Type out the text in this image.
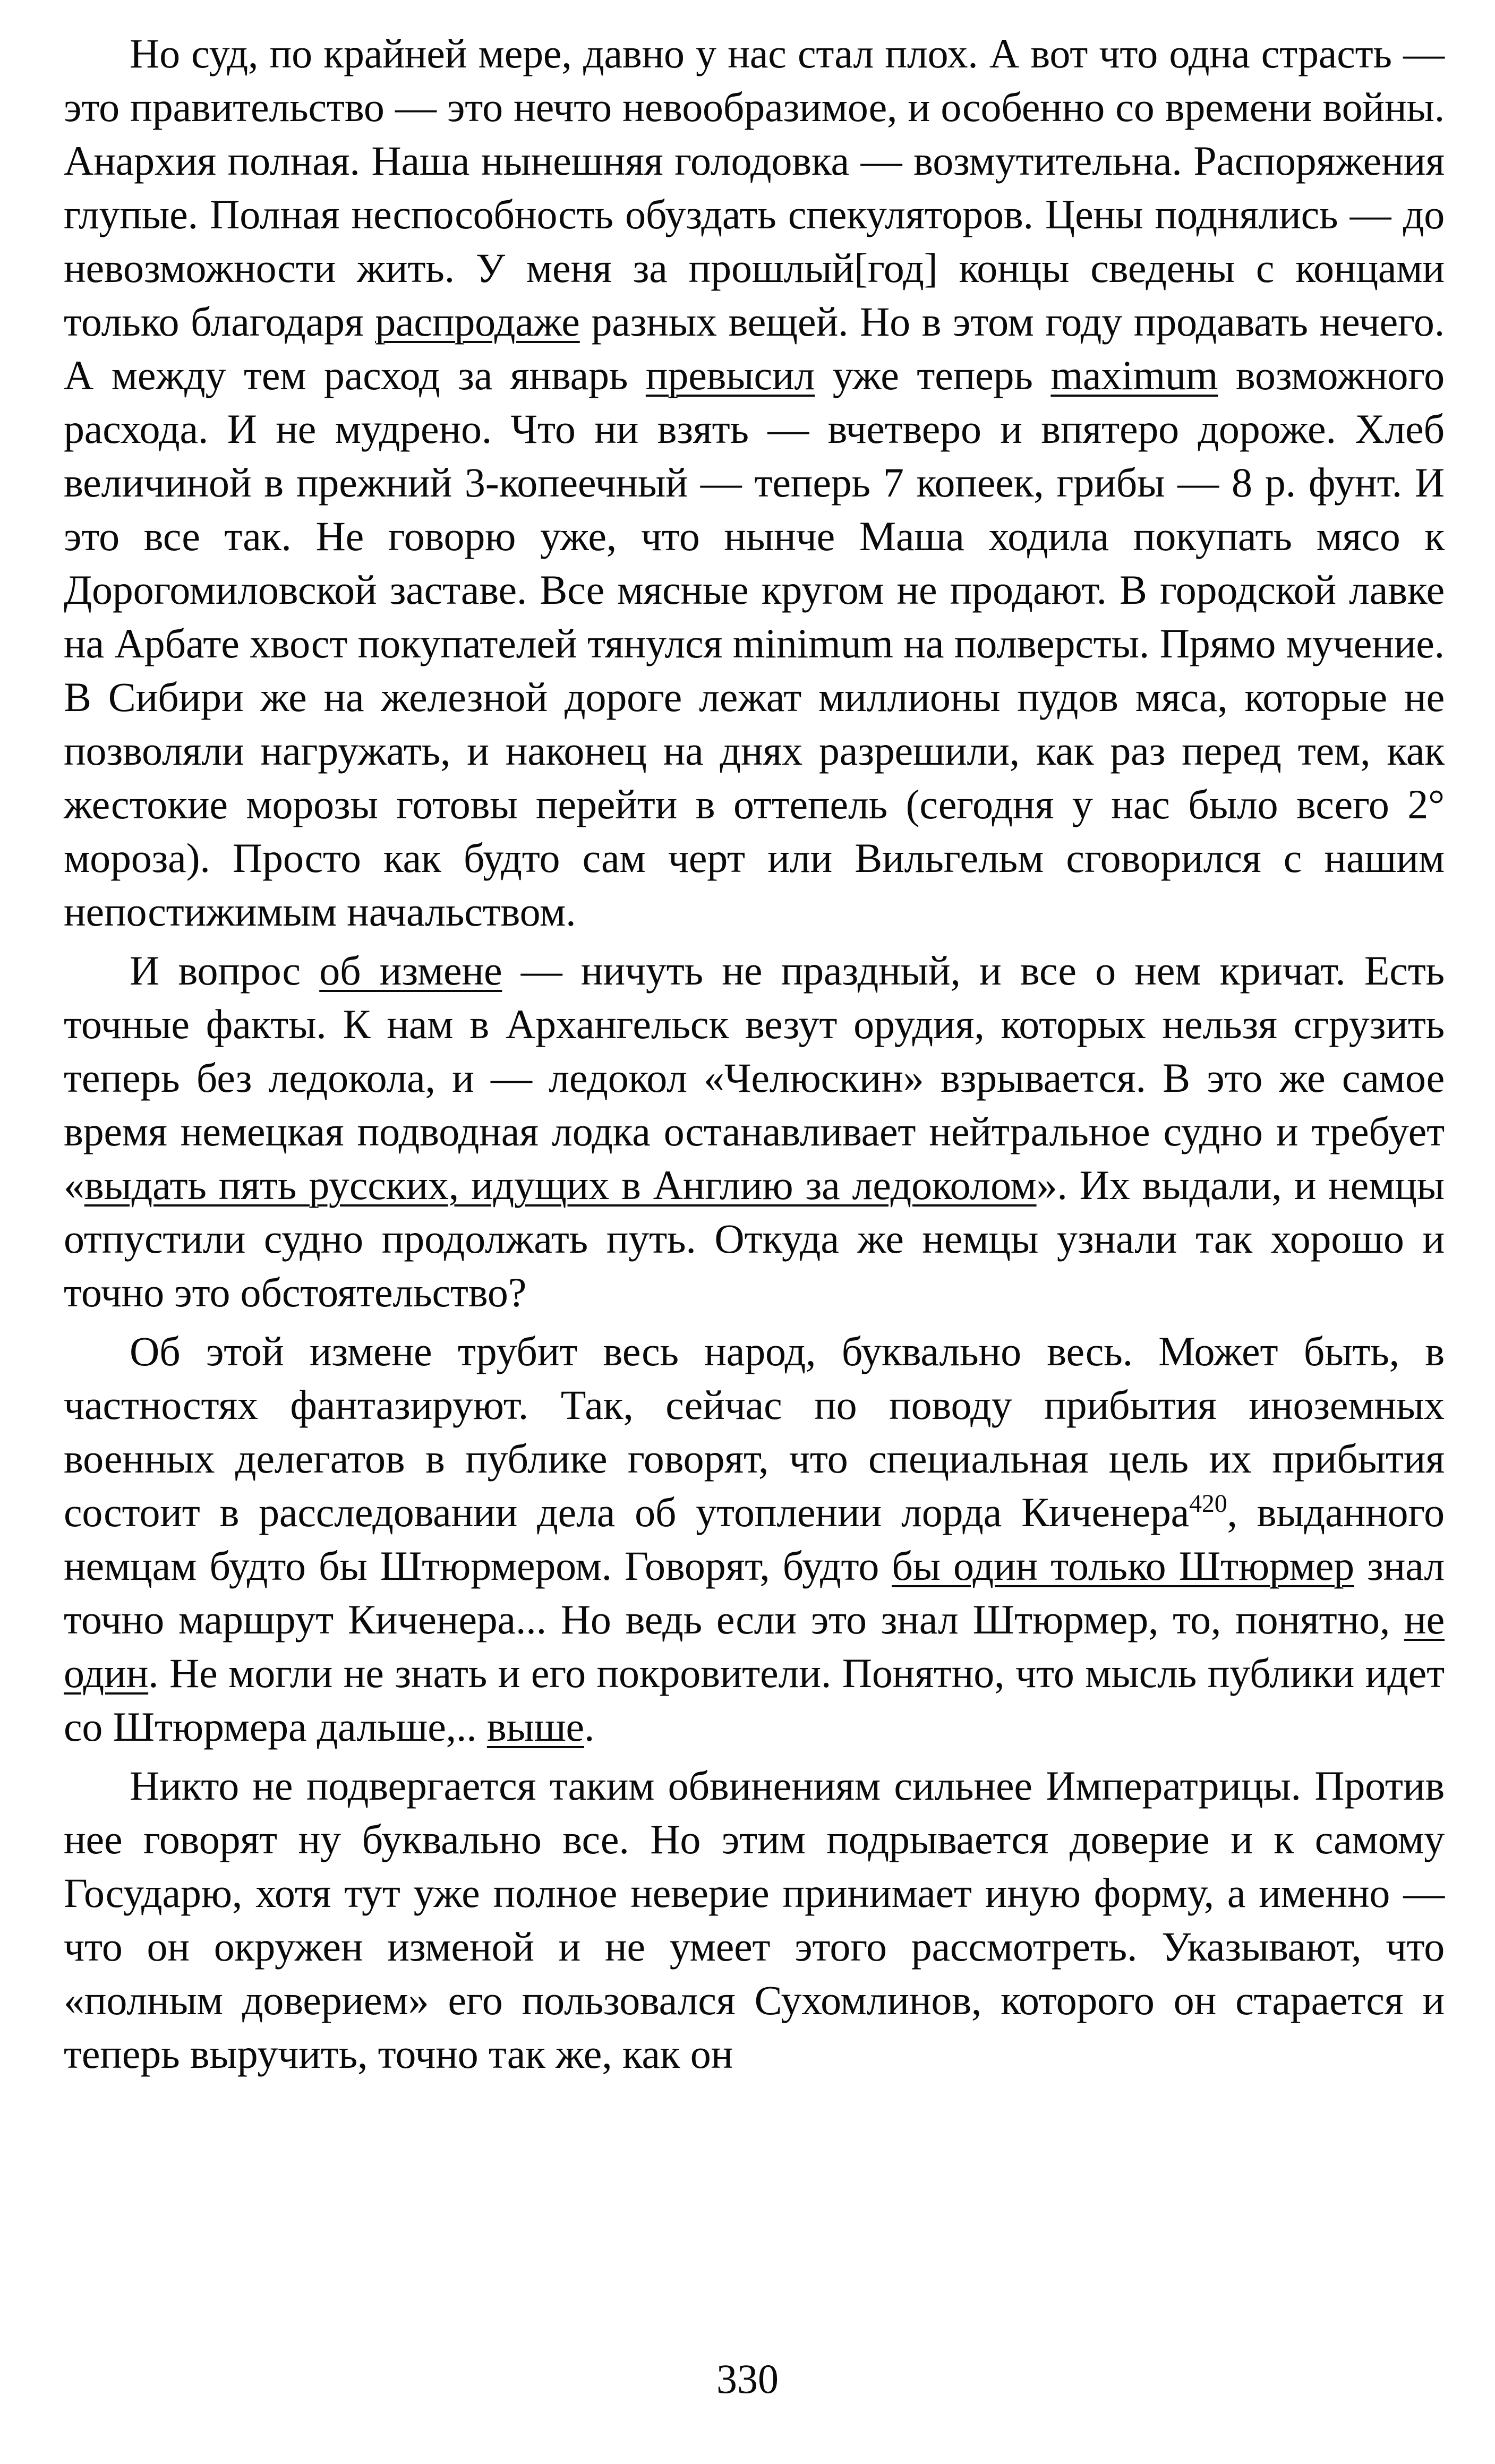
Но суд, по крайней мере, давно у нас стал плох. А вот что одна страсть — это правительство — это нечто невообразимое, и особенно со времени войны. Анархия полная. Наша нынешняя голодовка — возмутительна. Распоряжения глупые. Полная неспособность обуздать спекуляторов. Цены поднялись — до невозможности жить. У меня за прошлый[год] концы сведены с концами только благодаря распродаже разных вещей. Но в этом году продавать нечего. А между тем расход за январь превысил уже теперь maximum возможного расхода. И не мудрено. Что ни взять — вчетверо и впятеро дороже. Хлеб величиной в прежний 3-копеечный — теперь 7 копеек, грибы — 8 р. фунт. И это все так. Не говорю уже, что нынче Маша ходила покупать мясо к Дорогомиловской заставе. Все мясные кругом не продают. В городской лавке на Арбате хвост покупателей тянулся minimum на полверсты. Прямо мучение. В Сибири же на железной дороге лежат миллионы пудов мяса, которые не позволяли нагружать, и наконец на днях разрешили, как раз перед тем, как жестокие морозы готовы перейти в оттепель (сегодня у нас было всего 2° мороза). Просто как будто сам черт или Вильгельм сговорился с нашим непостижимым начальством.

И вопрос об измене — ничуть не праздный, и все о нем кричат. Есть точные факты. К нам в Архангельск везут орудия, которых нельзя сгрузить теперь без ледокола, и — ледокол «Челюскин» взрывается. В это же самое время немецкая подводная лодка останавливает нейтральное судно и требует «выдать пять русских, идущих в Англию за ледоколом». Их выдали, и немцы отпустили судно продолжать путь. Откуда же немцы узнали так хорошо и точно это обстоятельство?

Об этой измене трубит весь народ, буквально весь. Может быть, в частностях фантазируют. Так, сейчас по поводу прибытия иноземных военных делегатов в публике говорят, что специальная цель их прибытия состоит в расследовании дела об утоплении лорда Киченера$^{420}$, выданного немцам будто бы Штюрмером. Говорят, будто бы один только Штюрмер знал точно маршрут Киченера... Но ведь если это знал Штюрмер, то, понятно, не один. Не могли не знать и его покровители. Понятно, что мысль публики идет со Штюрмера дальше,.. выше.

Никто не подвергается таким обвинениям сильнее Императрицы. Против нее говорят ну буквально все. Но этим подрывается доверие и к самому Государю, хотя тут уже полное неверие принимает иную форму, а именно — что он окружен изменой и не умеет этого рассмотреть. Указывают, что «полным доверием» его пользовался Сухомлинов, которого он старается и теперь выручить, точно так же, как он

330
